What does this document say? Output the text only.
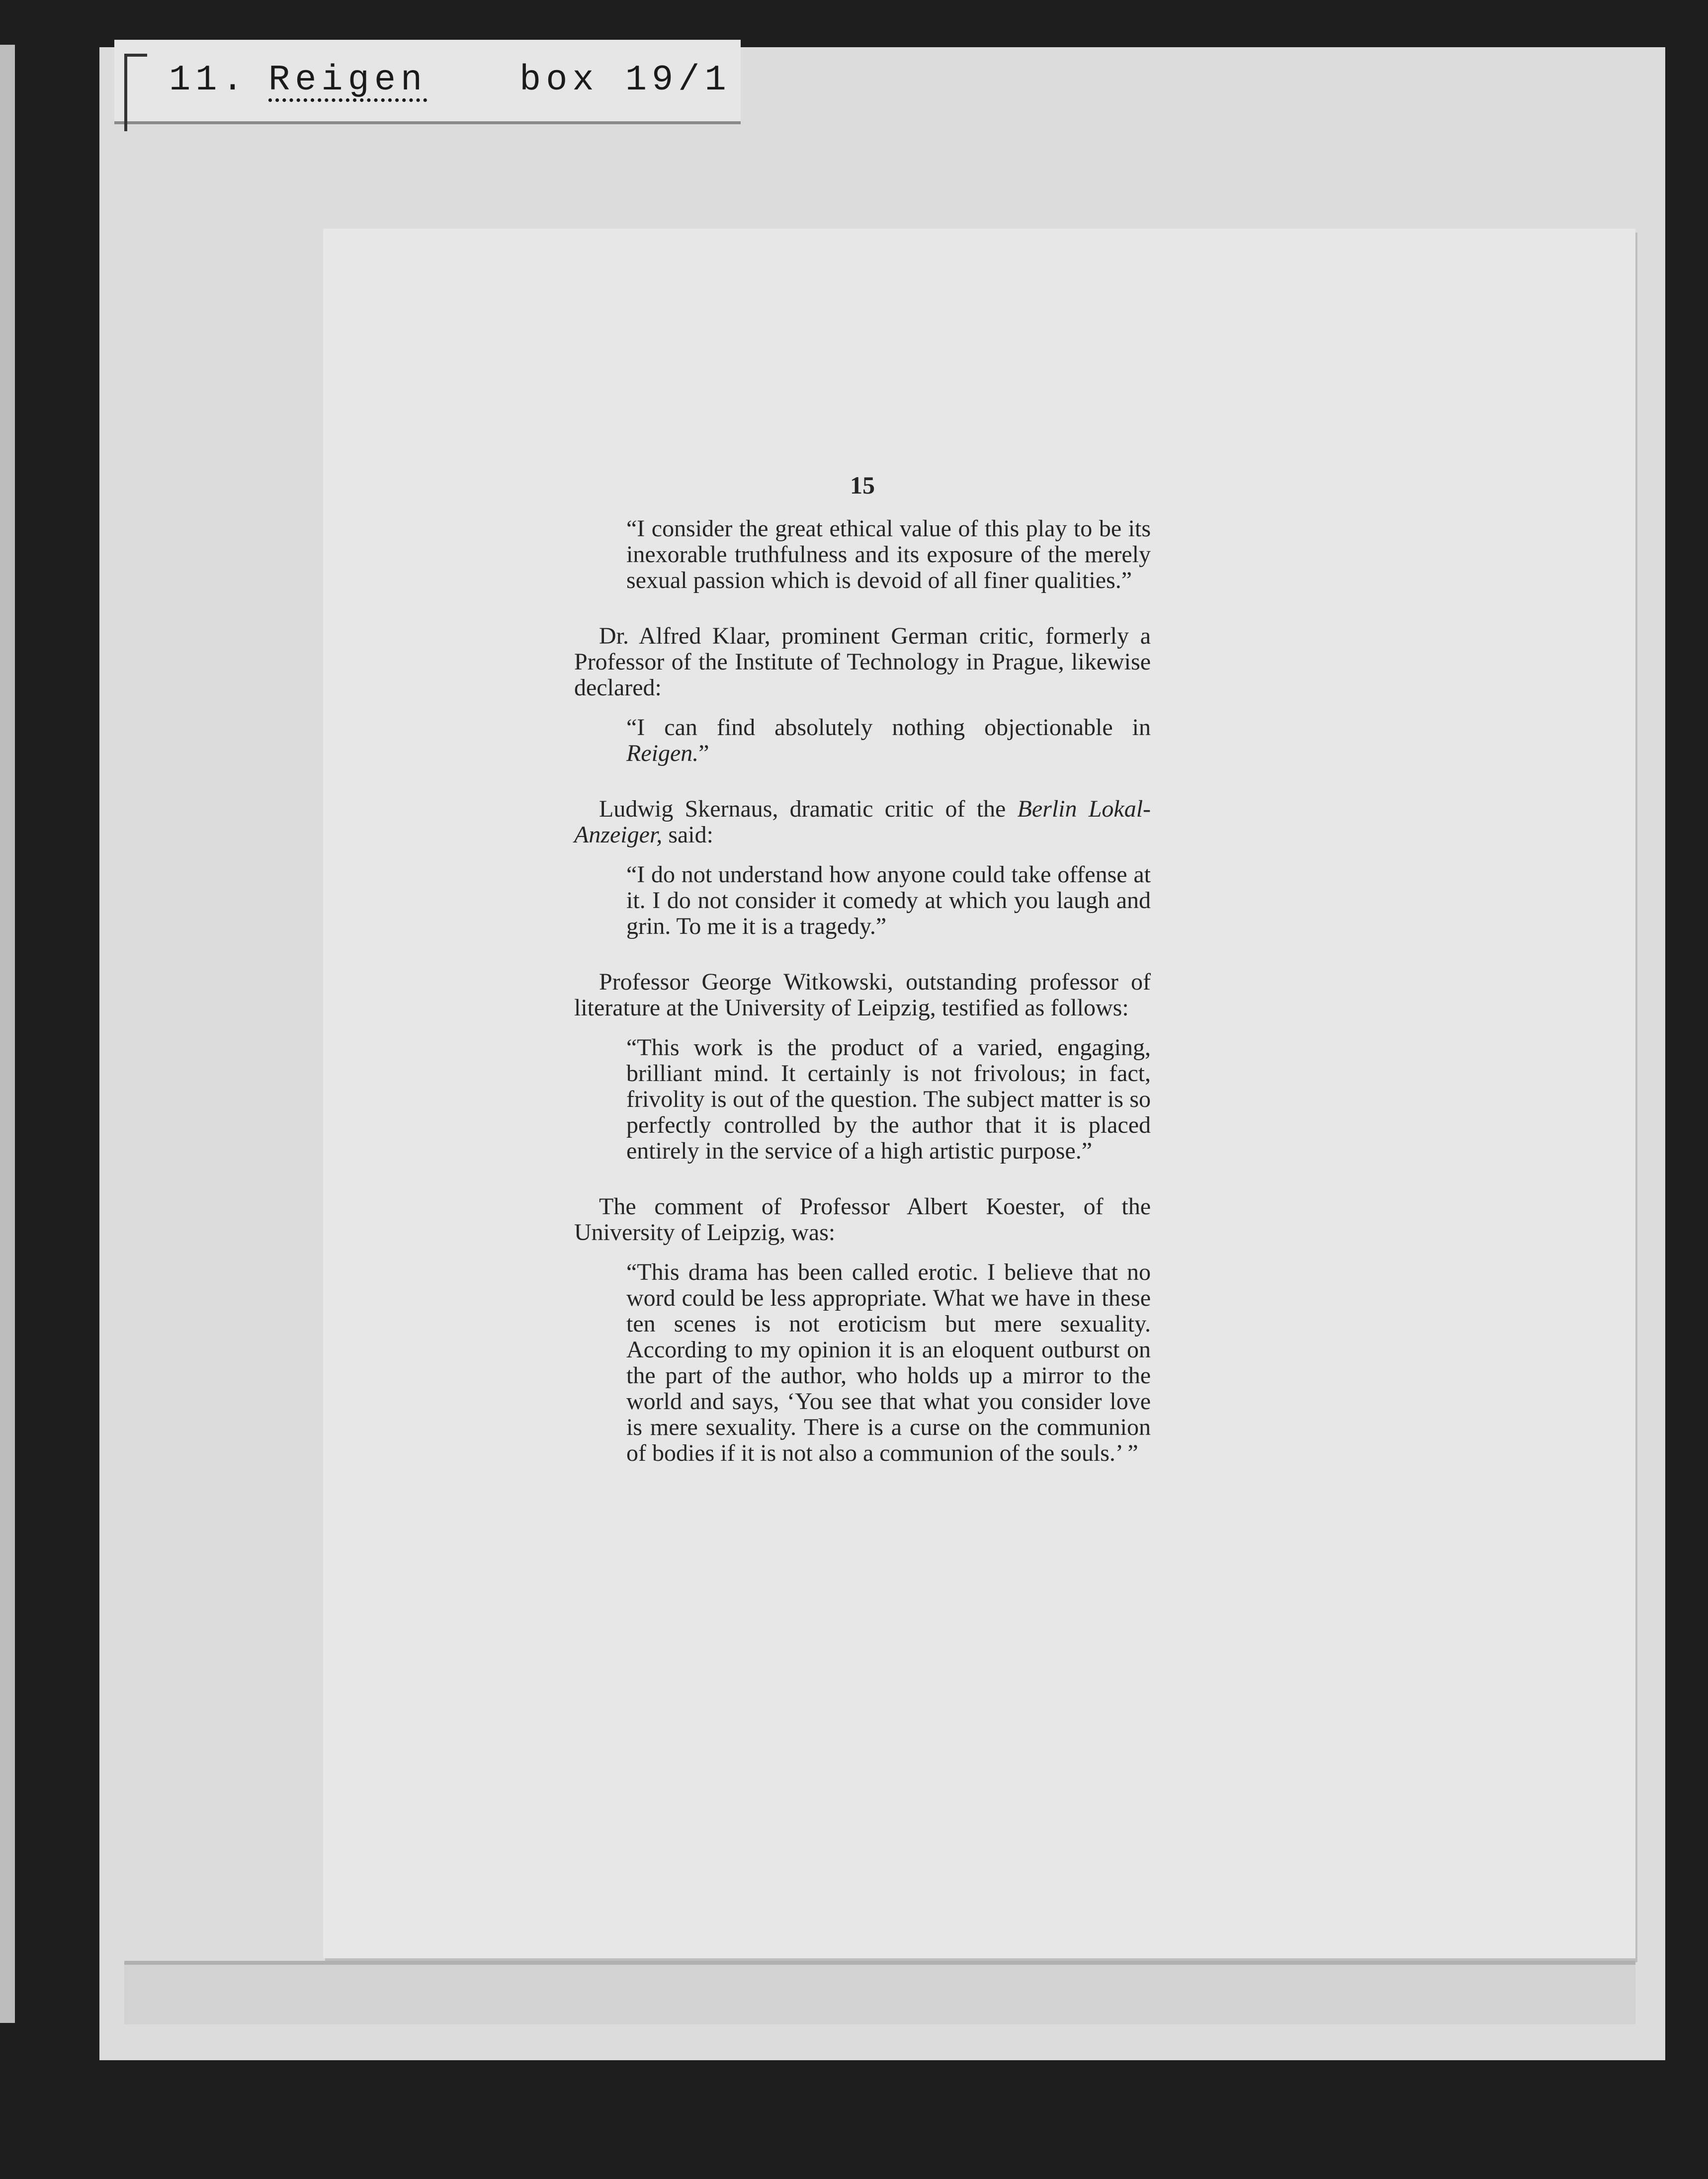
11. Reigen	box 19/1
15

“I consider the great ethical value of this play to be its inexorable truthfulness and its exposure of the merely sexual passion which is devoid of all finer qualities.”

Dr. Alfred Klaar, prominent German critic, formerly a Professor of the Institute of Technology in Prague, likewise declared:

“I can find absolutely nothing objectionable in Reigen.”

Ludwig Skernaus, dramatic critic of the Berlin Lokal-Anzeiger, said:

“I do not understand how anyone could take offense at it. I do not consider it comedy at which you laugh and grin. To me it is a tragedy.”

Professor George Witkowski, outstanding professor of literature at the University of Leipzig, testified as follows:

“This work is the product of a varied, engaging, brilliant mind. It certainly is not frivolous; in fact, frivolity is out of the question. The subject matter is so perfectly controlled by the author that it is placed entirely in the service of a high artistic purpose.”

The comment of Professor Albert Koester, of the University of Leipzig, was:

“This drama has been called erotic. I believe that no word could be less appropriate. What we have in these ten scenes is not eroticism but mere sexuality. According to my opinion it is an eloquent outburst on the part of the author, who holds up a mirror to the world and says, ‘You see that what you consider love is mere sexuality. There is a curse on the communion of bodies if it is not also a communion of the souls.’ ”
